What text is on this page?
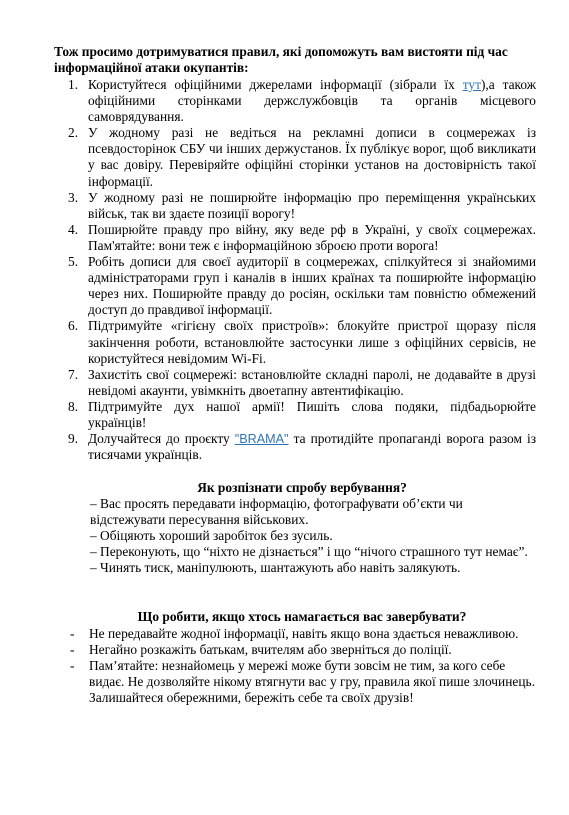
Тож просимо дотримуватися правил, які допоможуть вам вистояти під час інформаційної атаки окупантів:

1. Користуйтеся офіційними джерелами інформації (зібрали їх тут),а також офіційними сторінками держслужбовців та органів місцевого самоврядування.
2. У жодному разі не ведіться на рекламні дописи в соцмережах із псевдосторінок СБУ чи інших держустанов. Їх публікує ворог, щоб викликати у вас довіру. Перевіряйте офіційні сторінки установ на достовірність такої інформації.
3. У жодному разі не поширюйте інформацію про переміщення українських військ, так ви здаєте позиції ворогу!
4. Поширюйте правду про війну, яку веде рф в Україні, у своїх соцмережах. Пам'ятайте: вони теж є інформаційною зброєю проти ворога!
5. Робіть дописи для своєї аудиторії в соцмережах, спілкуйтеся зі знайомими адміністраторами груп і каналів в інших країнах та поширюйте інформацію через них. Поширюйте правду до росіян, оскільки там повністю обмежений доступ до правдивої інформації.
6. Підтримуйте «гігієну своїх пристроїв»: блокуйте пристрої щоразу після закінчення роботи, встановлюйте застосунки лише з офіційних сервісів, не користуйтеся невідомим Wi-Fi.
7. Захистіть свої соцмережі: встановлюйте складні паролі, не додавайте в друзі невідомі акаунти, увімкніть двоетапну автентифікацію.
8. Підтримуйте дух нашої армії! Пишіть слова подяки, підбадьорюйте українців!
9. Долучайтеся до проєкту "BRAMA" та протидійте пропаганді ворога разом із тисячами українців.

Як розпізнати спробу вербування?

– Вас просять передавати інформацію, фотографувати об’єкти чи відстежувати пересування військових.

– Обіцяють хороший заробіток без зусиль.

– Переконують, що “ніхто не дізнається” і що “нічого страшного тут немає”.

– Чинять тиск, маніпулюють, шантажують або навіть залякують.

Що робити, якщо хтось намагається вас завербувати?

- Не передавайте жодної інформації, навіть якщо вона здається неважливою.
- Негайно розкажіть батькам, вчителям або зверніться до поліції.
- Пам’ятайте: незнайомець у мережі може бути зовсім не тим, за кого себе видає. Не дозволяйте нікому втягнути вас у гру, правила якої пише злочинець. Залишайтеся обережними, бережіть себе та своїх друзів!
